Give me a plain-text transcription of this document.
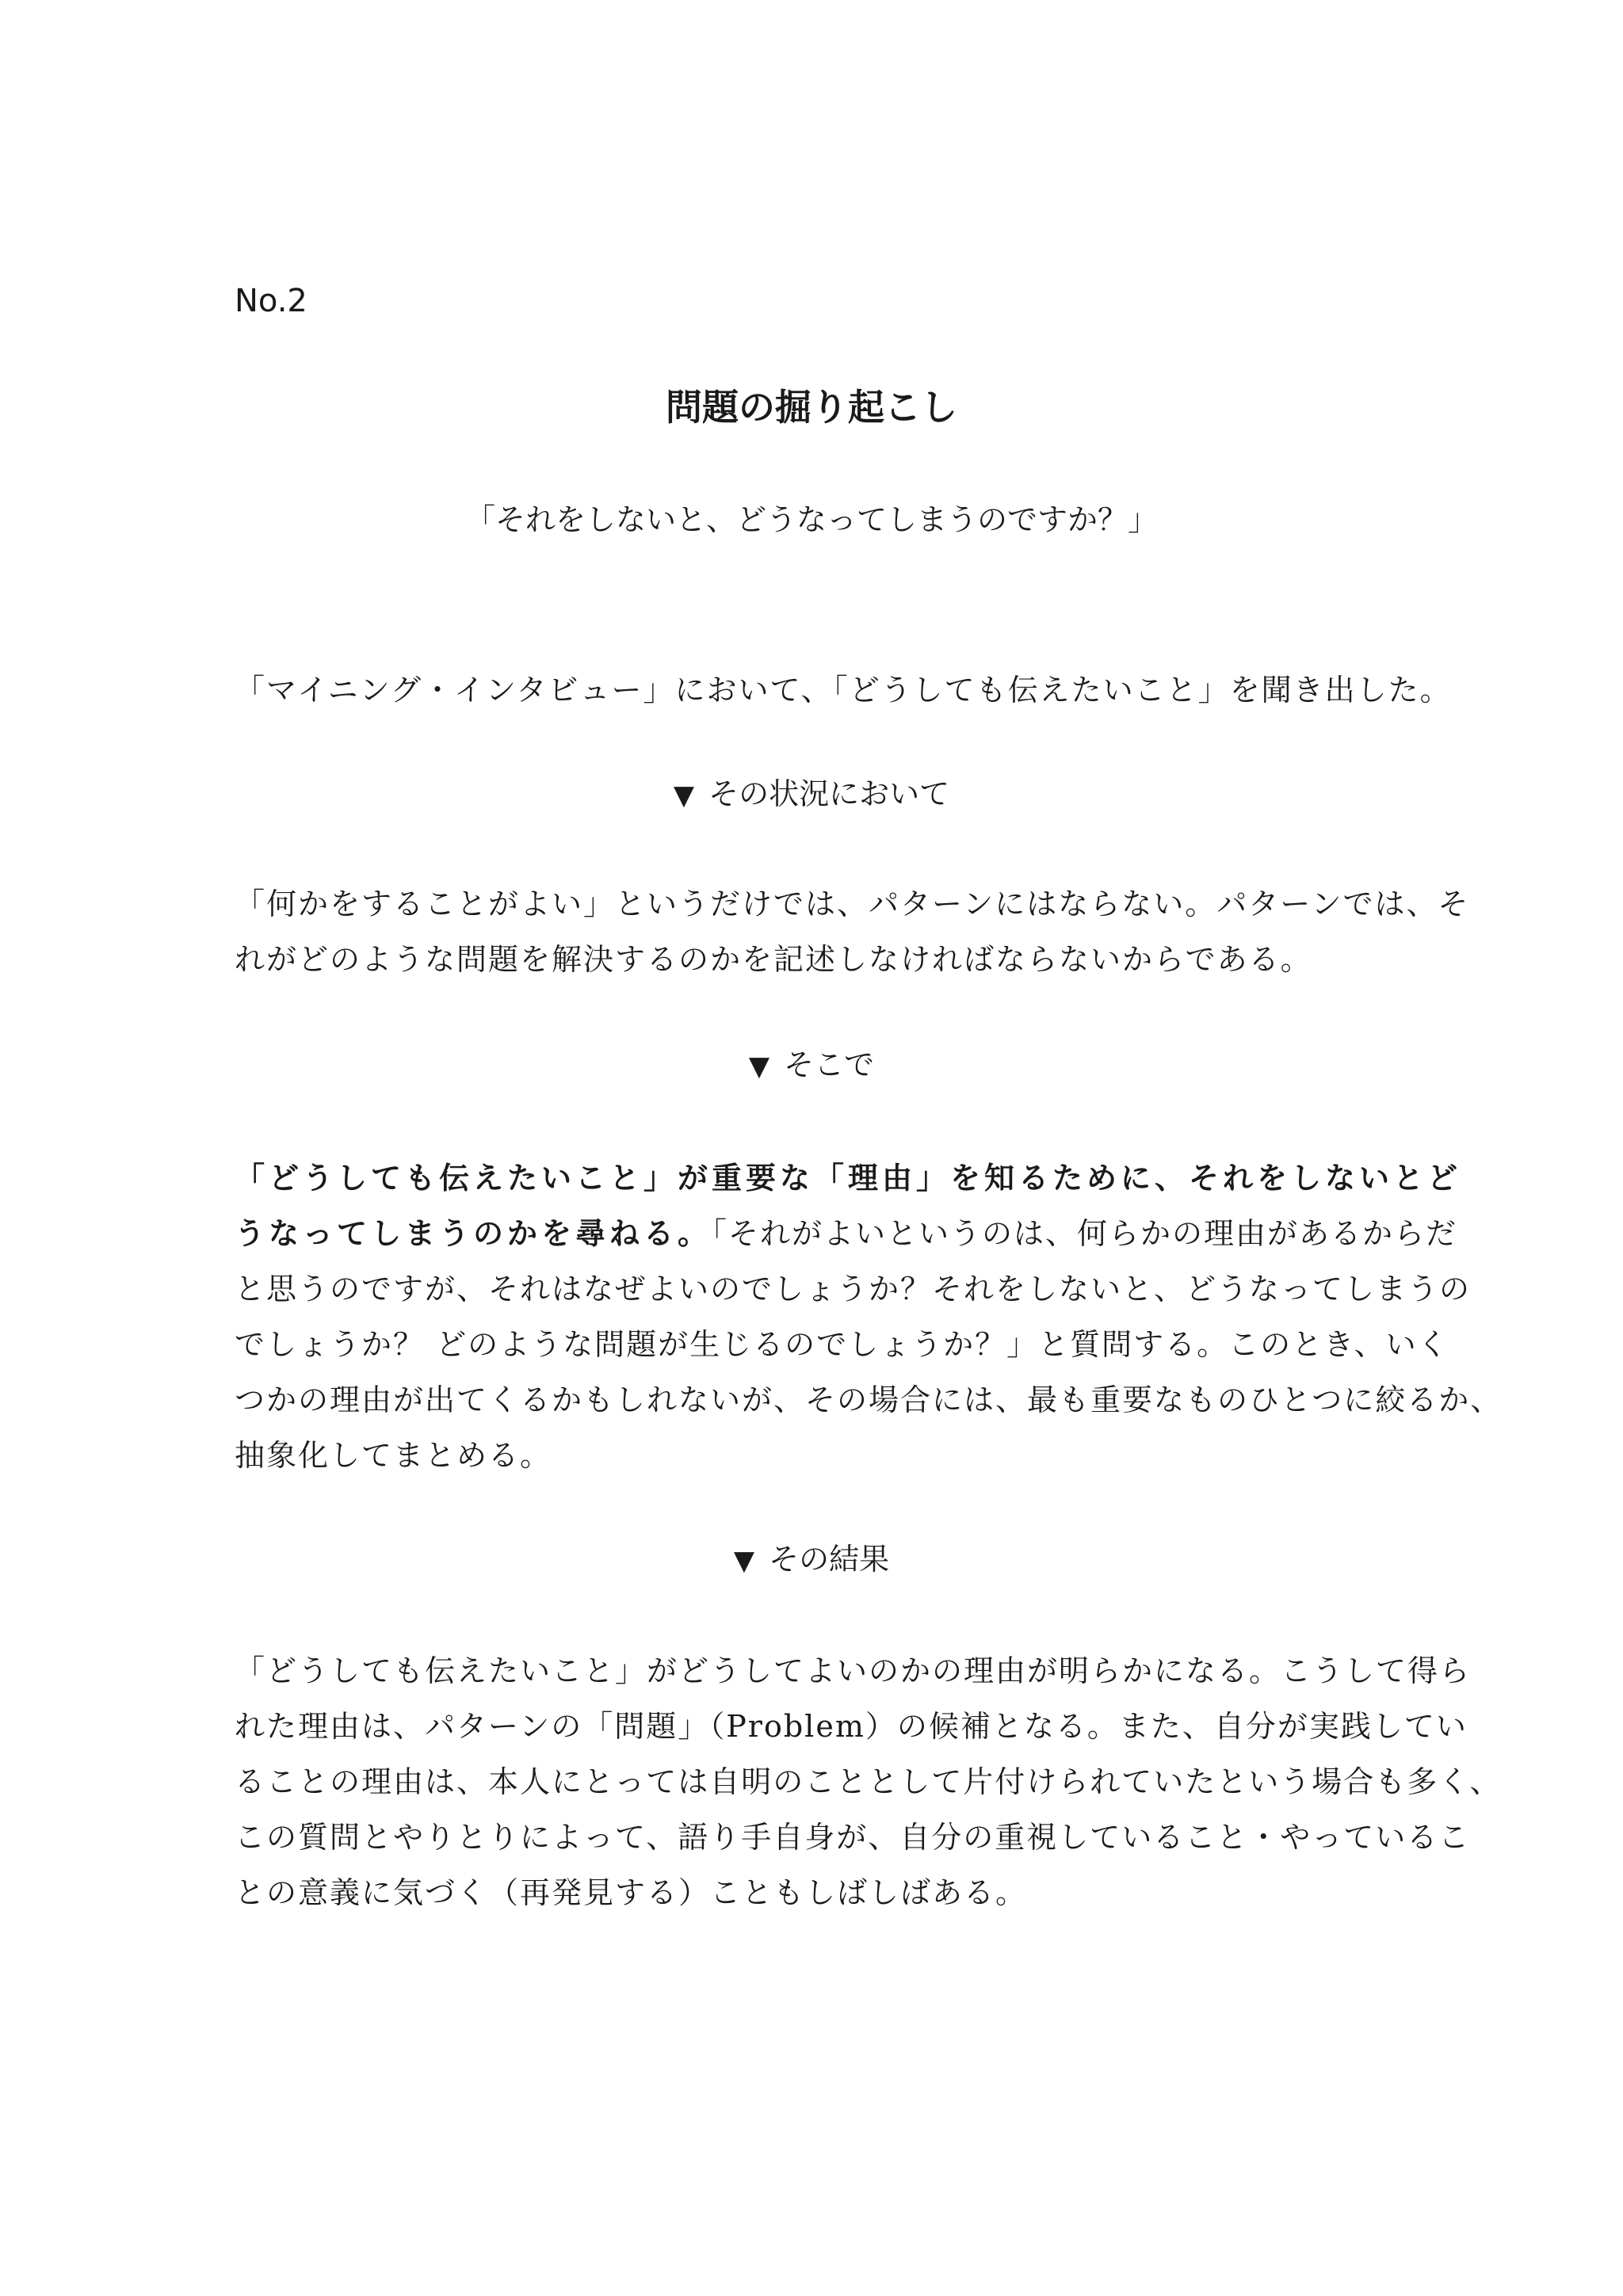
No.2

問題の掘り起こし

「それをしないと、どうなってしまうのですか？」

「マイニング・インタビュー」において、「どうしても伝えたいこと」を聞き出した。

▼ その状況において

「何かをすることがよい」というだけでは、パターンにはならない。パターンでは、そ
れがどのような問題を解決するのかを記述しなければならないからである。

▼ そこで

「どうしても伝えたいこと」が重要な「理由」を知るために、それをしないとど
うなってしまうのかを尋ねる。「それがよいというのは、何らかの理由があるからだ
と思うのですが、それはなぜよいのでしょうか？それをしないと、どうなってしまうの
でしょうか？ どのような問題が生じるのでしょうか？」と質問する。このとき、いく
つかの理由が出てくるかもしれないが、その場合には、最も重要なものひとつに絞るか、
抽象化してまとめる。

▼ その結果

「どうしても伝えたいこと」がどうしてよいのかの理由が明らかになる。こうして得ら
れた理由は、パターンの「問題」（Problem）の候補となる。また、自分が実践してい
ることの理由は、本人にとっては自明のこととして片付けられていたという場合も多く、
この質問とやりとりによって、語り手自身が、自分の重視していること・やっているこ
との意義に気づく（再発見する）こともしばしばある。
